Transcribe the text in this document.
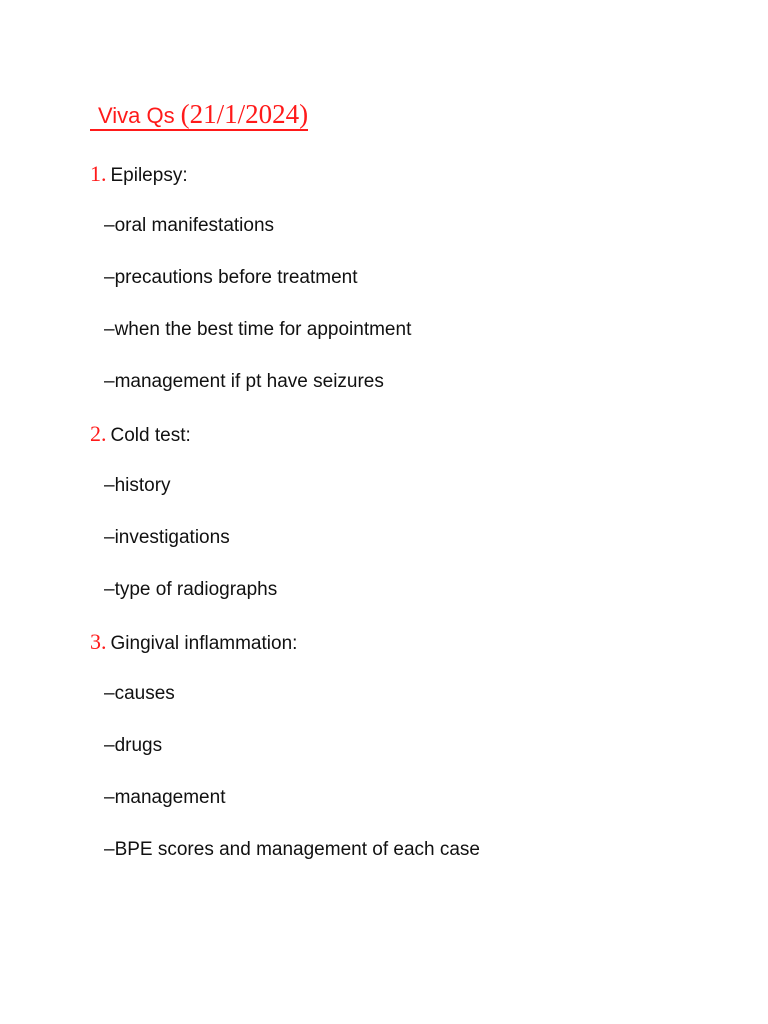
Viva Qs (21/1/2024)
1. Epilepsy:
–oral manifestations
–precautions before treatment
–when the best time for appointment
–management if pt have seizures
2. Cold test:
–history
–investigations
–type of radiographs
3. Gingival inflammation:
–causes
–drugs
–management
–BPE scores and management of each case
